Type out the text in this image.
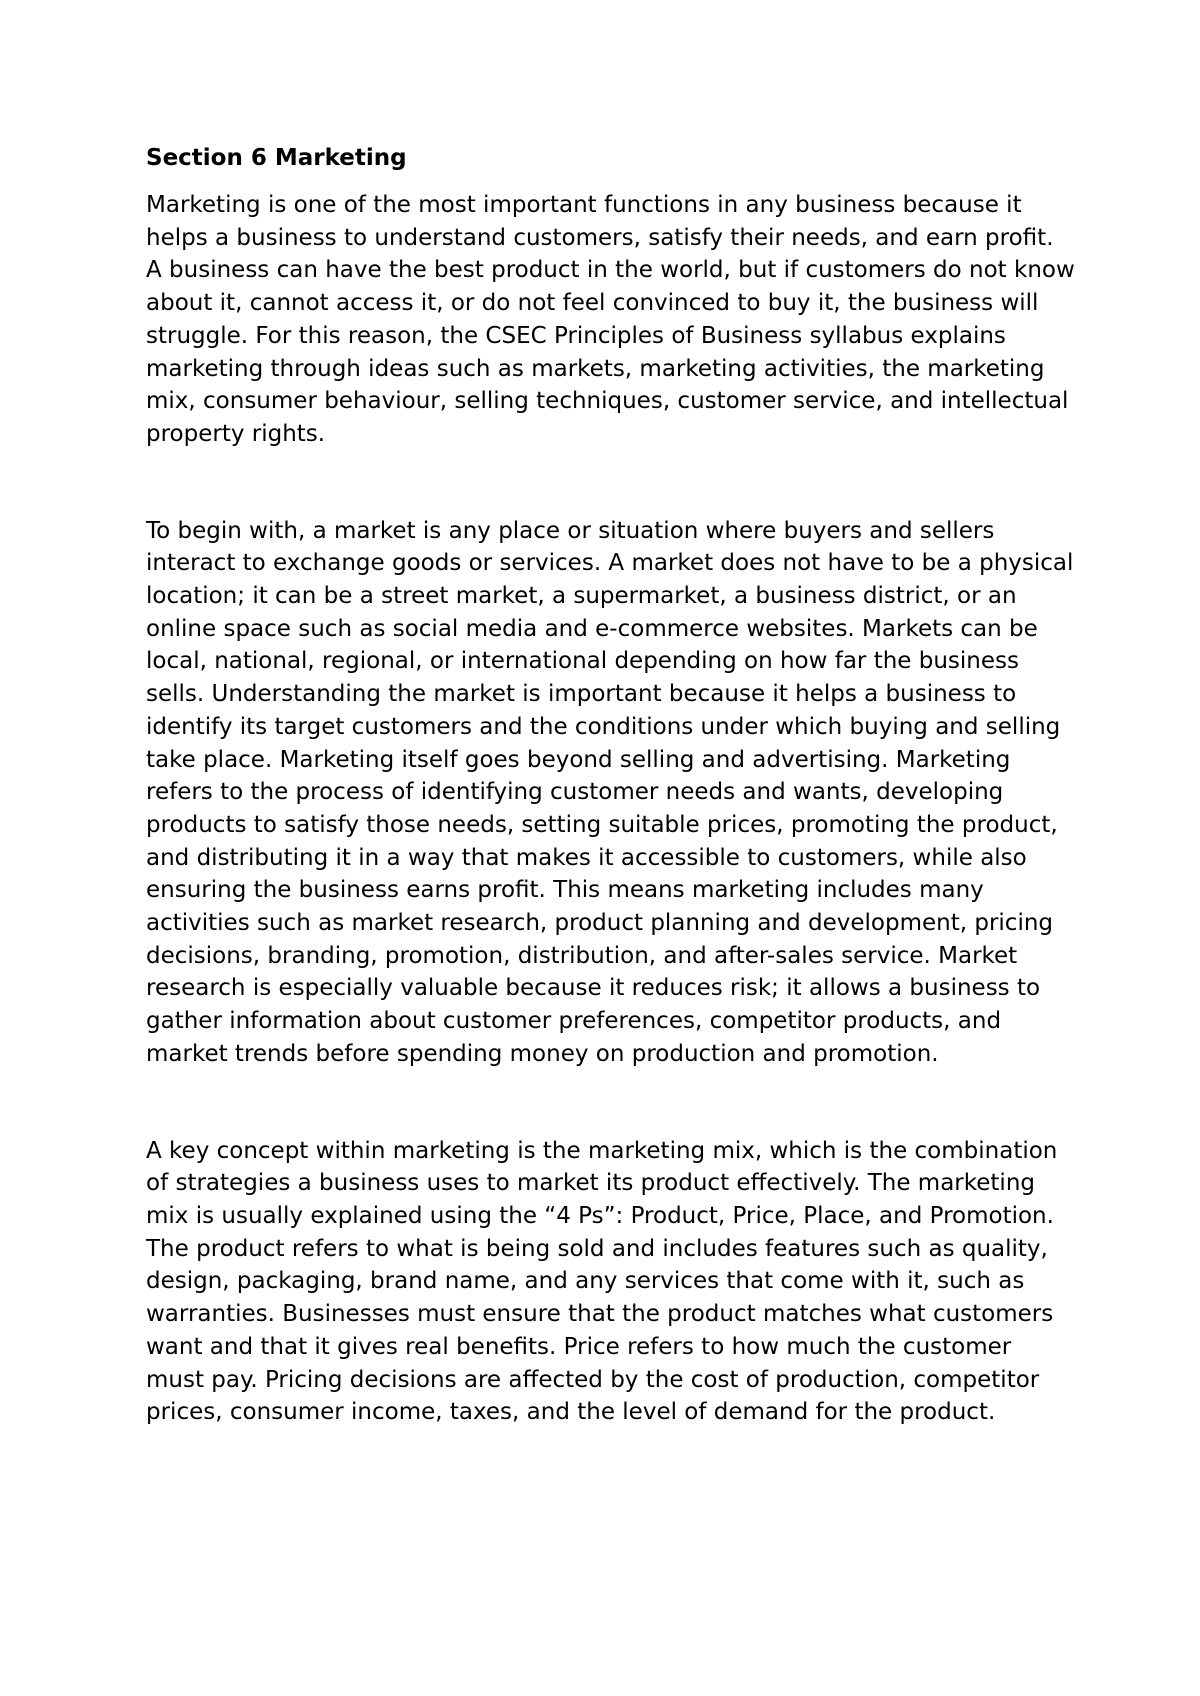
Section 6 Marketing

Marketing is one of the most important functions in any business because it helps a business to understand customers, satisfy their needs, and earn profit. A business can have the best product in the world, but if customers do not know about it, cannot access it, or do not feel convinced to buy it, the business will struggle. For this reason, the CSEC Principles of Business syllabus explains marketing through ideas such as markets, marketing activities, the marketing mix, consumer behaviour, selling techniques, customer service, and intellectual property rights.

To begin with, a market is any place or situation where buyers and sellers interact to exchange goods or services. A market does not have to be a physical location; it can be a street market, a supermarket, a business district, or an online space such as social media and e-commerce websites. Markets can be local, national, regional, or international depending on how far the business sells. Understanding the market is important because it helps a business to identify its target customers and the conditions under which buying and selling take place. Marketing itself goes beyond selling and advertising. Marketing refers to the process of identifying customer needs and wants, developing products to satisfy those needs, setting suitable prices, promoting the product, and distributing it in a way that makes it accessible to customers, while also ensuring the business earns profit. This means marketing includes many activities such as market research, product planning and development, pricing decisions, branding, promotion, distribution, and after-sales service. Market research is especially valuable because it reduces risk; it allows a business to gather information about customer preferences, competitor products, and market trends before spending money on production and promotion.

A key concept within marketing is the marketing mix, which is the combination of strategies a business uses to market its product effectively. The marketing mix is usually explained using the “4 Ps”: Product, Price, Place, and Promotion. The product refers to what is being sold and includes features such as quality, design, packaging, brand name, and any services that come with it, such as warranties. Businesses must ensure that the product matches what customers want and that it gives real benefits. Price refers to how much the customer must pay. Pricing decisions are affected by the cost of production, competitor prices, consumer income, taxes, and the level of demand for the product.
